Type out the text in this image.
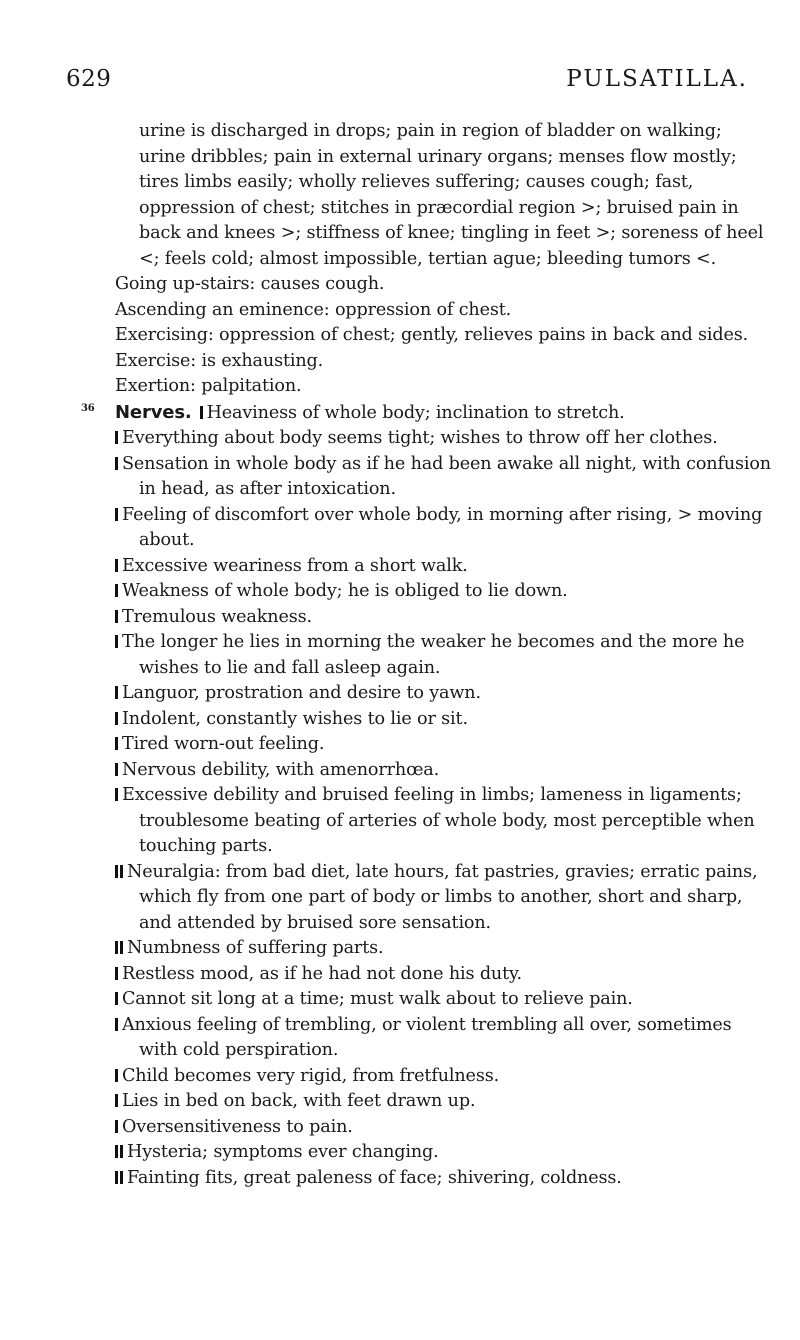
629	PULSATILLA.

urine is discharged in drops; pain in region of bladder on walking; urine dribbles; pain in external urinary organs; menses flow mostly; tires limbs easily; wholly relieves suffering; causes cough; fast, oppression of chest; stitches in præcordial region >; bruised pain in back and knees >; stiffness of knee; tingling in feet >; soreness of heel <; feels cold; almost impossible, tertian ague; bleeding tumors <.

Going up-stairs: causes cough.

Ascending an eminence: oppression of chest.

Exercising: oppression of chest; gently, relieves pains in back and sides.

Exercise: is exhausting.

Exertion: palpitation.

36	Nerves. Heaviness of whole body; inclination to stretch.

Everything about body seems tight; wishes to throw off her clothes.

Sensation in whole body as if he had been awake all night, with confusion in head, as after intoxication.

Feeling of discomfort over whole body, in morning after rising, > moving about.

Excessive weariness from a short walk.

Weakness of whole body; he is obliged to lie down.

Tremulous weakness.

The longer he lies in morning the weaker he becomes and the more he wishes to lie and fall asleep again.

Languor, prostration and desire to yawn.

Indolent, constantly wishes to lie or sit.

Tired worn-out feeling.

Nervous debility, with amenorrhœa.

Excessive debility and bruised feeling in limbs; lameness in ligaments; troublesome beating of arteries of whole body, most perceptible when touching parts.

Neuralgia: from bad diet, late hours, fat pastries, gravies; erratic pains, which fly from one part of body or limbs to another, short and sharp, and attended by bruised sore sensation.

Numbness of suffering parts.

Restless mood, as if he had not done his duty.

Cannot sit long at a time; must walk about to relieve pain.

Anxious feeling of trembling, or violent trembling all over, sometimes with cold perspiration.

Child becomes very rigid, from fretfulness.

Lies in bed on back, with feet drawn up.

Oversensitiveness to pain.

Hysteria; symptoms ever changing.

Fainting fits, great paleness of face; shivering, coldness.
